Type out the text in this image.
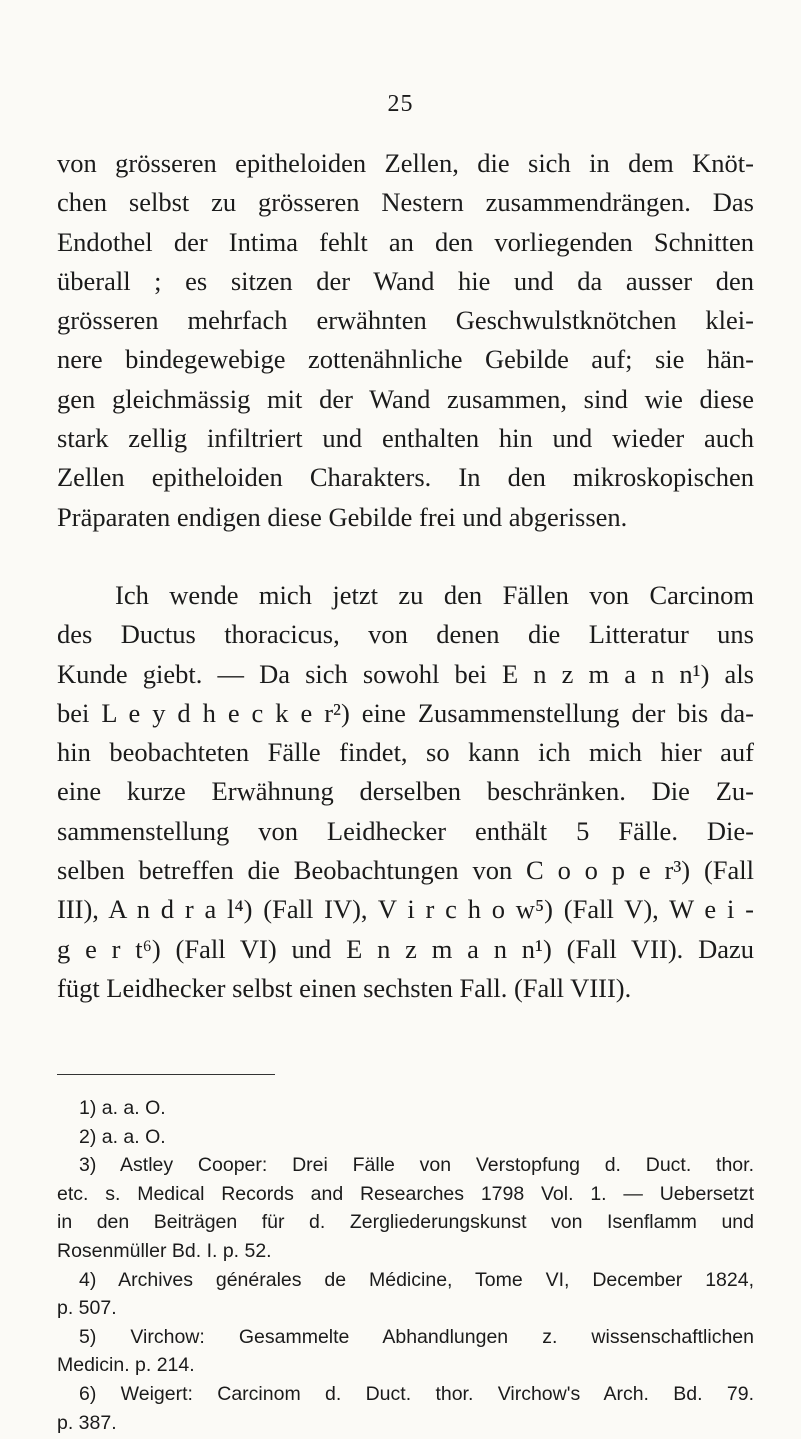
25
von grösseren epitheloiden Zellen, die sich in dem Knöt-
chen selbst zu grösseren Nestern zusammendrängen. Das
Endothel der Intima fehlt an den vorliegenden Schnitten
überall ; es sitzen der Wand hie und da ausser den
grösseren mehrfach erwähnten Geschwulstknötchen klei-
nere bindegewebige zottenähnliche Gebilde auf; sie hän-
gen gleichmässig mit der Wand zusammen, sind wie diese
stark zellig infiltriert und enthalten hin und wieder auch
Zellen epitheloiden Charakters. In den mikroskopischen
Präparaten endigen diese Gebilde frei und abgerissen.
Ich wende mich jetzt zu den Fällen von Carcinom
des Ductus thoracicus, von denen die Litteratur uns
Kunde giebt. — Da sich sowohl bei E n z m a n n¹) als
bei L e y d h e c k e r²) eine Zusammenstellung der bis da-
hin beobachteten Fälle findet, so kann ich mich hier auf
eine kurze Erwähnung derselben beschränken. Die Zu-
sammenstellung von Leidhecker enthält 5 Fälle. Die-
selben betreffen die Beobachtungen von C o o p e r³) (Fall
III), A n d r a l⁴) (Fall IV), V i r c h o w⁵) (Fall V), W e i -
g e r t⁶) (Fall VI) und E n z m a n n¹) (Fall VII). Dazu
fügt Leidhecker selbst einen sechsten Fall. (Fall VIII).
1) a. a. O.
2) a. a. O.
3) Astley Cooper: Drei Fälle von Verstopfung d. Duct. thor.
etc. s. Medical Records and Researches 1798 Vol. 1. — Uebersetzt
in den Beiträgen für d. Zergliederungskunst von Isenflamm und
Rosenmüller Bd. I. p. 52.
4) Archives générales de Médicine, Tome VI, December 1824,
p. 507.
5) Virchow: Gesammelte Abhandlungen z. wissenschaftlichen
Medicin. p. 214.
6) Weigert: Carcinom d. Duct. thor. Virchow's Arch. Bd. 79.
p. 387.
